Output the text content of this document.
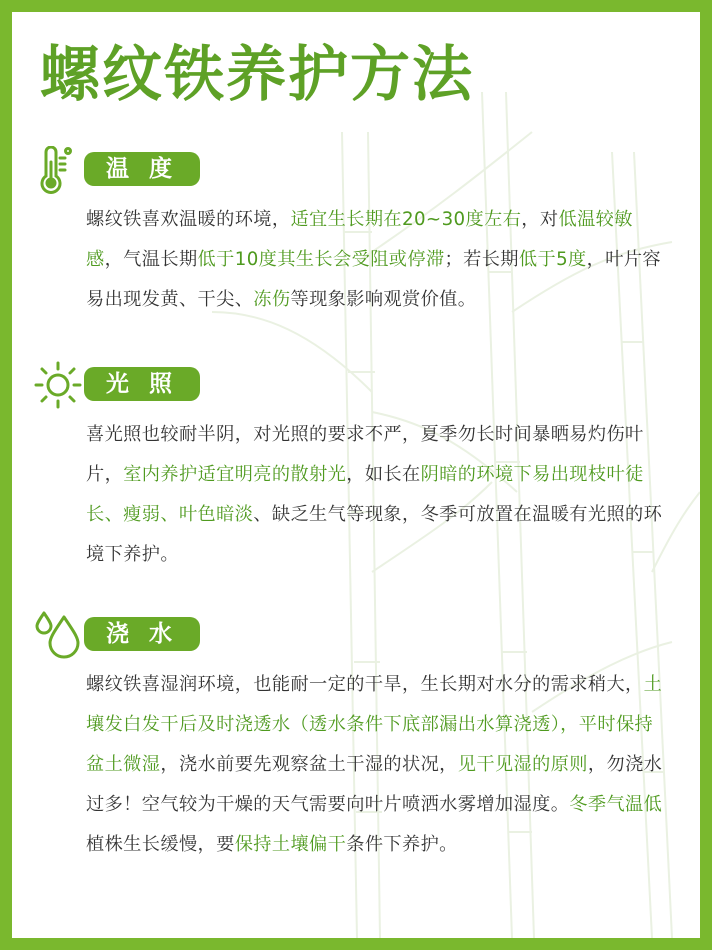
螺纹铁养护方法
温 度

螺纹铁喜欢温暖的环境，适宜生长期在20~30度左右，对低温较敏感，气温长期低于10度其生长会受阻或停滞；若长期低于5度，叶片容易出现发黄、干尖、冻伤等现象影响观赏价值。

光 照

喜光照也较耐半阴，对光照的要求不严，夏季勿长时间暴晒易灼伤叶片，室内养护适宜明亮的散射光，如长在阴暗的环境下易出现枝叶徒长、瘦弱、叶色暗淡、缺乏生气等现象，冬季可放置在温暖有光照的环境下养护。

浇 水

螺纹铁喜湿润环境，也能耐一定的干旱，生长期对水分的需求稍大，土壤发白发干后及时浇透水（透水条件下底部漏出水算浇透），平时保持盆土微湿，浇水前要先观察盆土干湿的状况，见干见湿的原则，勿浇水过多！空气较为干燥的天气需要向叶片喷洒水雾增加湿度。冬季气温低植株生长缓慢，要保持土壤偏干条件下养护。
